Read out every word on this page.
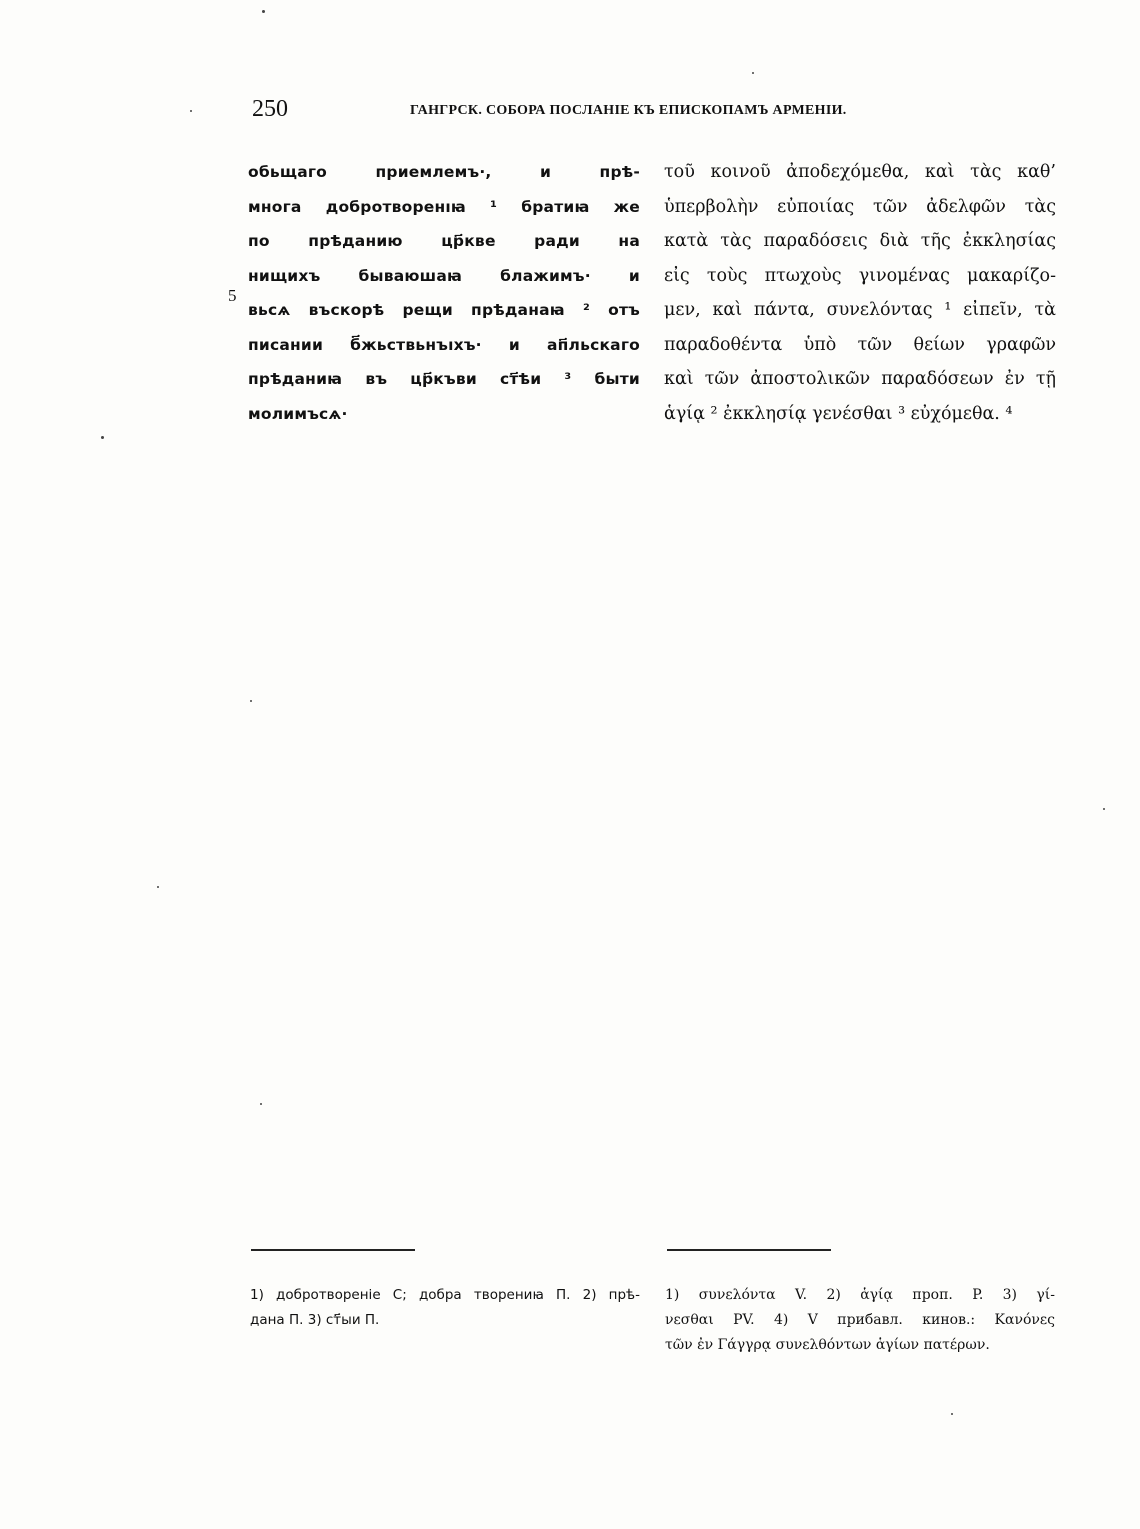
250	ГАНГРСК. СОБОРА ПОСЛАНІЕ КЪ ЕПИСКОПАМЪ АРМЕНІИ.
5
обьщаго приемлемъ·, и прѣ-
многа добротворенıꙗ ¹ братиꙗ же
по прѣданию цр҃кве ради на
нищихъ бываюшаꙗ блажимъ· и
вьсѧ въскорѣ рещи прѣданаꙗ ² отъ
писании б҃жьствьнъıхъ· и ап҃льскаго
прѣданиꙗ въ цр҃къви ст҃ѣи ³ быти
молимъсѧ·
τοῦ κοινοῦ ἀποδεχόμεθα, καὶ τὰς καθ’
ὑπερβολὴν εὐποιίας τῶν ἀδελφῶν τὰς
κατὰ τὰς παραδόσεις διὰ τῆς ἐκκλησίας
εἰς τοὺς πτωχοὺς γινομένας μακαρίζο-
μεν, καὶ πάντα, συνελόντας ¹ εἰπεῖν, τὰ
παραδοθέντα ὑπὸ τῶν θείων γραφῶν
καὶ τῶν ἀποστολικῶν παραδόσεων ἐν τῇ
ἁγίᾳ ² ἐκκλησίᾳ γενέσθαι ³ εὐχόμεθα. ⁴
1) добротворенiе C; добра творениꙗ П. 2) прѣ-
дана П. 3) ст҃ыи П.
1) συνελόντα V. 2) ἁγίᾳ проп. P. 3) γί-
νεσθαι PV. 4) V прибавл. кинов.: Κανόνες
τῶν ἐν Γάγγρᾳ συνελθόντων ἁγίων πατέρων.
